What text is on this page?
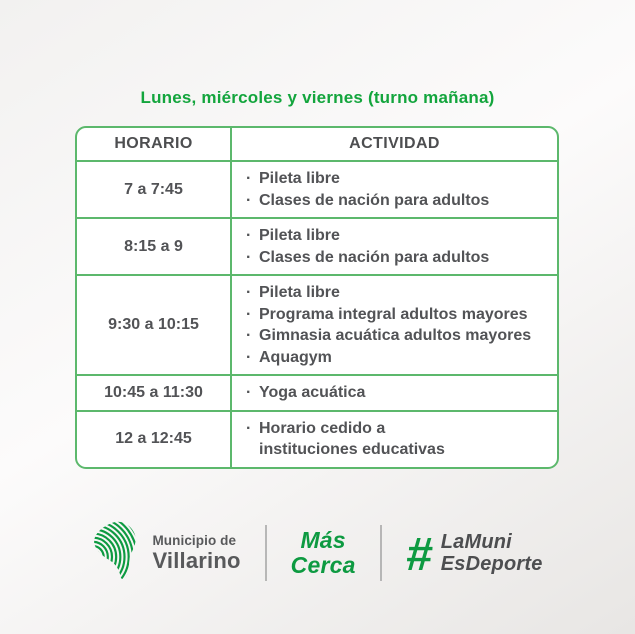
Lunes, miércoles y viernes (turno mañana)
HORARIO	ACTIVIDAD
7 a 7:45
· Pileta libre
· Clases de nación para adultos
8:15 a 9
· Pileta libre
· Clases de nación para adultos
9:30 a 10:15
· Pileta libre
· Programa integral adultos mayores
· Gimnasia acuática adultos mayores
· Aquagym
10:45 a 11:30	· Yoga acuática
12 a 12:45
· Horario cedido a
instituciones educativas
Municipio de
Villarino
Más
Cerca # LaMuni
EsDeporte
